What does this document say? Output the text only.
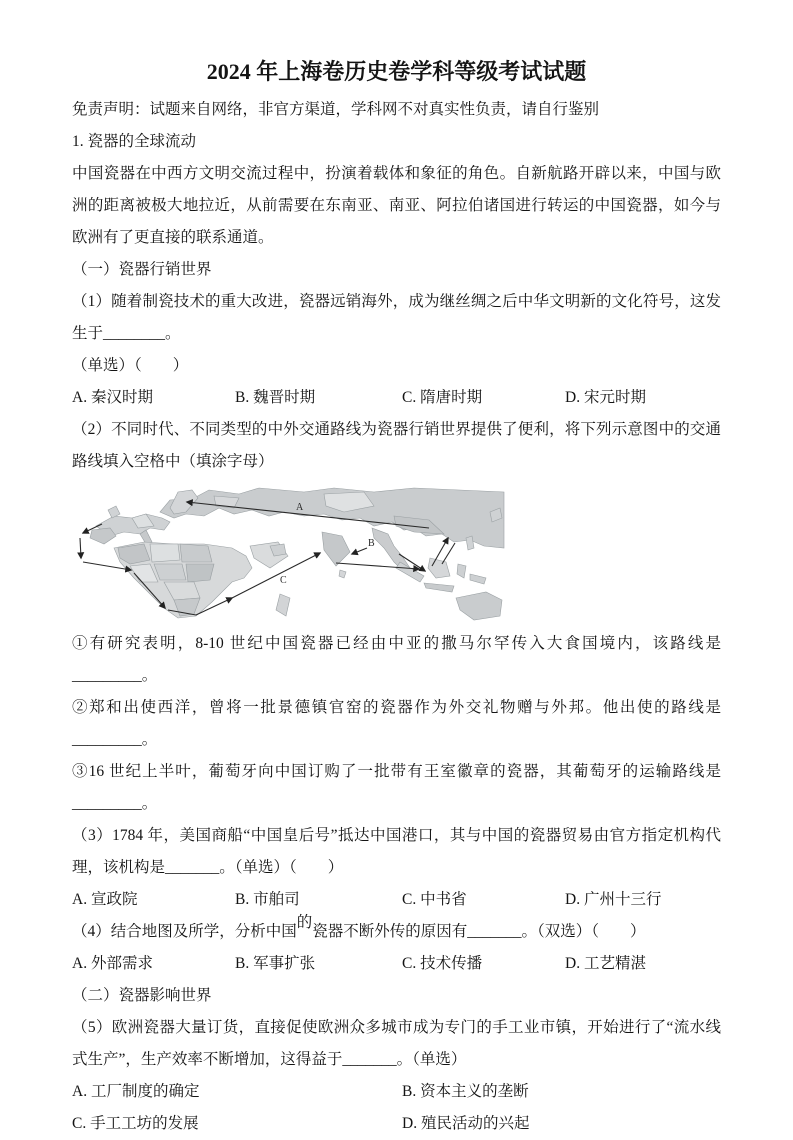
2024 年上海卷历史卷学科等级考试试题

免责声明：试题来自网络，非官方渠道，学科网不对真实性负责，请自行鉴别

1. 瓷器的全球流动

中国瓷器在中西方文明交流过程中，扮演着载体和象征的角色。自新航路开辟以来，中国与欧洲的距离被极大地拉近，从前需要在东南亚、南亚、阿拉伯诸国进行转运的中国瓷器，如今与欧洲有了更直接的联系通道。

（一）瓷器行销世界

（1）随着制瓷技术的重大改进，瓷器远销海外，成为继丝绸之后中华文明新的文化符号，这发生于________。

（单选）（　　）

A. 秦汉时期	B. 魏晋时期	C. 隋唐时期	D. 宋元时期

（2）不同时代、不同类型的中外交通路线为瓷器行销世界提供了便利，将下列示意图中的交通路线填入空格中（填涂字母）

A
B
C

①有研究表明，8-10 世纪中国瓷器已经由中亚的撒马尔罕传入大食国境内，该路线是_________。

②郑和出使西洋，曾将一批景德镇官窑的瓷器作为外交礼物赠与外邦。他出使的路线是_________。

③16 世纪上半叶，葡萄牙向中国订购了一批带有王室徽章的瓷器，其葡萄牙的运输路线是_________。

（3）1784 年，美国商船“中国皇后号”抵达中国港口，其与中国的瓷器贸易由官方指定机构代理，该机构是_______。（单选）（　　）

A. 宣政院	B. 市舶司	C. 中书省	D. 广州十三行

（4）结合地图及所学，分析中国的瓷器不断外传的原因有_______。（双选）（　　）

A. 外部需求	B. 军事扩张	C. 技术传播	D. 工艺精湛

（二）瓷器影响世界

（5）欧洲瓷器大量订货，直接促使欧洲众多城市成为专门的手工业市镇，开始进行了“流水线式生产”，生产效率不断增加，这得益于_______。（单选）

A. 工厂制度的确定	B. 资本主义的垄断
C. 手工工坊的发展	D. 殖民活动的兴起
